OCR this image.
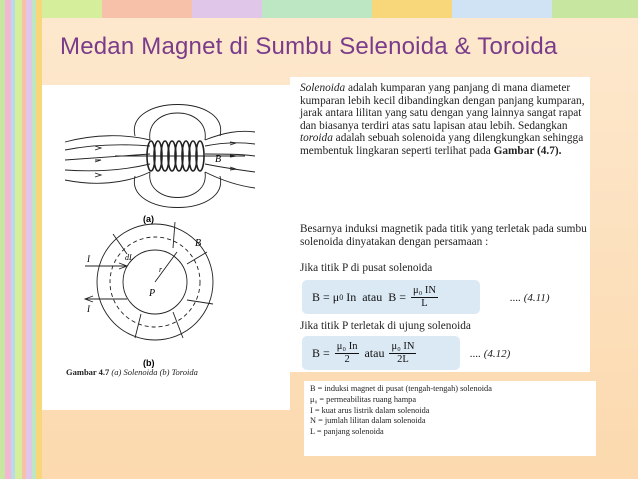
Medan Magnet di Sumbu Selenoida & Toroida
B
B
(a)
(b)
dL
r
P
I
I
Gambar 4.7 (a) Solenoida (b) Toroida
Solenoida adalah kumparan yang panjang di mana diameter kumparan lebih kecil dibandingkan dengan panjang kumparan, jarak antara lilitan yang satu dengan yang lainnya sangat rapat dan biasanya terdiri atas satu lapisan atau lebih. Sedangkan toroida adalah sebuah solenoida yang dilengkungkan sehingga membentuk lingkaran seperti terlihat pada Gambar (4.7).
Besarnya induksi magnetik pada titik yang terletak pada sumbu solenoida dinyatakan dengan persamaan :
Jika titik P di pusat solenoida
B = μ 0 In  atau  $B = \frac{\text{μ₀ IN}}{L}$	.... (4.11)
Jika titik P terletak di ujung solenoida
$B = \frac{\text{μ₀ In}}{2}$ atau $\frac{\text{μ₀ IN}}{2L}$	.... (4.12)
B = induksi magnet di pusat (tengah-tengah) solenoida
μ₀ = permeabilitas ruang hampa
I = kuat arus listrik dalam solenoida
N = jumlah lilitan dalam solenoida
L = panjang solenoida
